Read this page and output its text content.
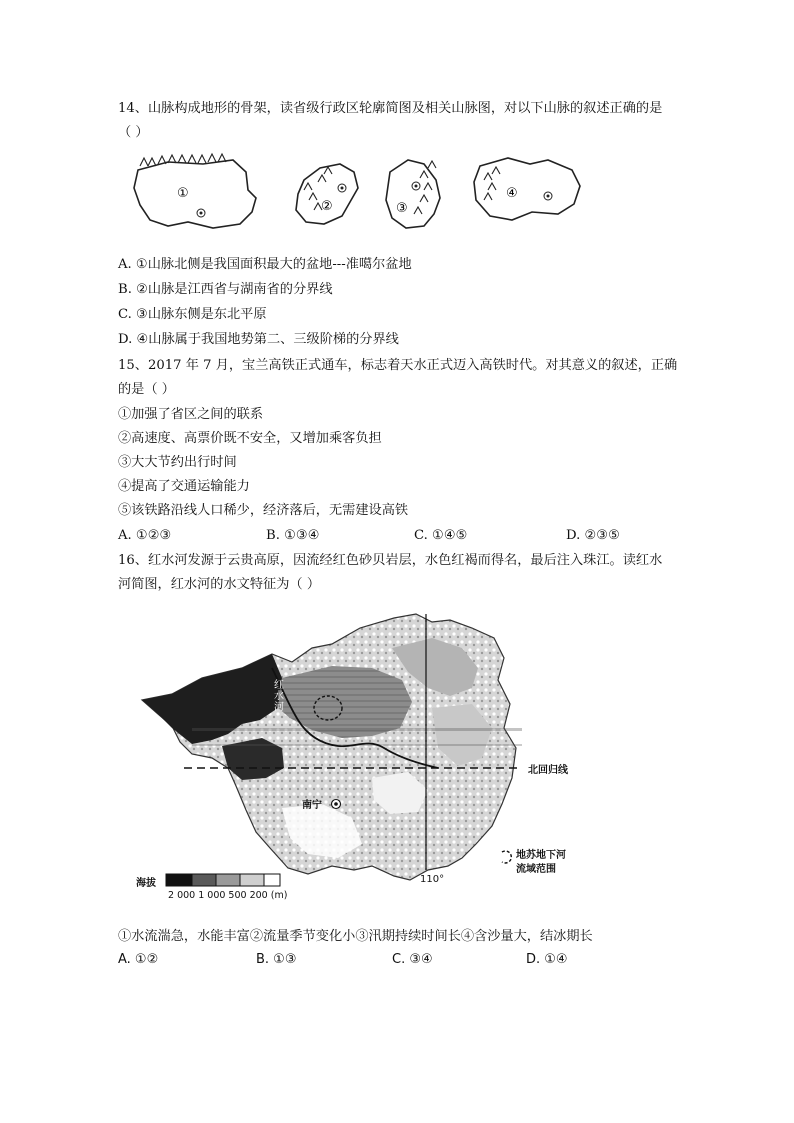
14、山脉构成地形的骨架，读省级行政区轮廓简图及相关山脉图，对以下山脉的叙述正确的是
（ ）
①
②	③
④
A. ①山脉北侧是我国面积最大的盆地---准噶尔盆地
B. ②山脉是江西省与湖南省的分界线
C. ③山脉东侧是东北平原
D. ④山脉属于我国地势第二、三级阶梯的分界线
15、2017 年 7 月，宝兰高铁正式通车，标志着天水正式迈入高铁时代。对其意义的叙述，正确
的是（ ）
①加强了省区之间的联系
②高速度、高票价既不安全，又增加乘客负担
③大大节约出行时间
④提高了交通运输能力
⑤该铁路沿线人口稀少，经济落后，无需建设高铁
A. ①②③	B. ①③④	C. ①④⑤	D. ②③⑤
16、红水河发源于云贵高原，因流经红色砂贝岩层，水色红褐而得名，最后注入珠江。读红水
河简图，红水河的水文特征为（ ）
红水河
南宁
北回归线
110°
地苏地下河
流域范围
海拔
2 000 1 000 500 200 (m)
①水流湍急，水能丰富②流量季节变化小③汛期持续时间长④含沙量大，结冰期长
A. ①②	B. ①③	C. ③④	D. ①④
